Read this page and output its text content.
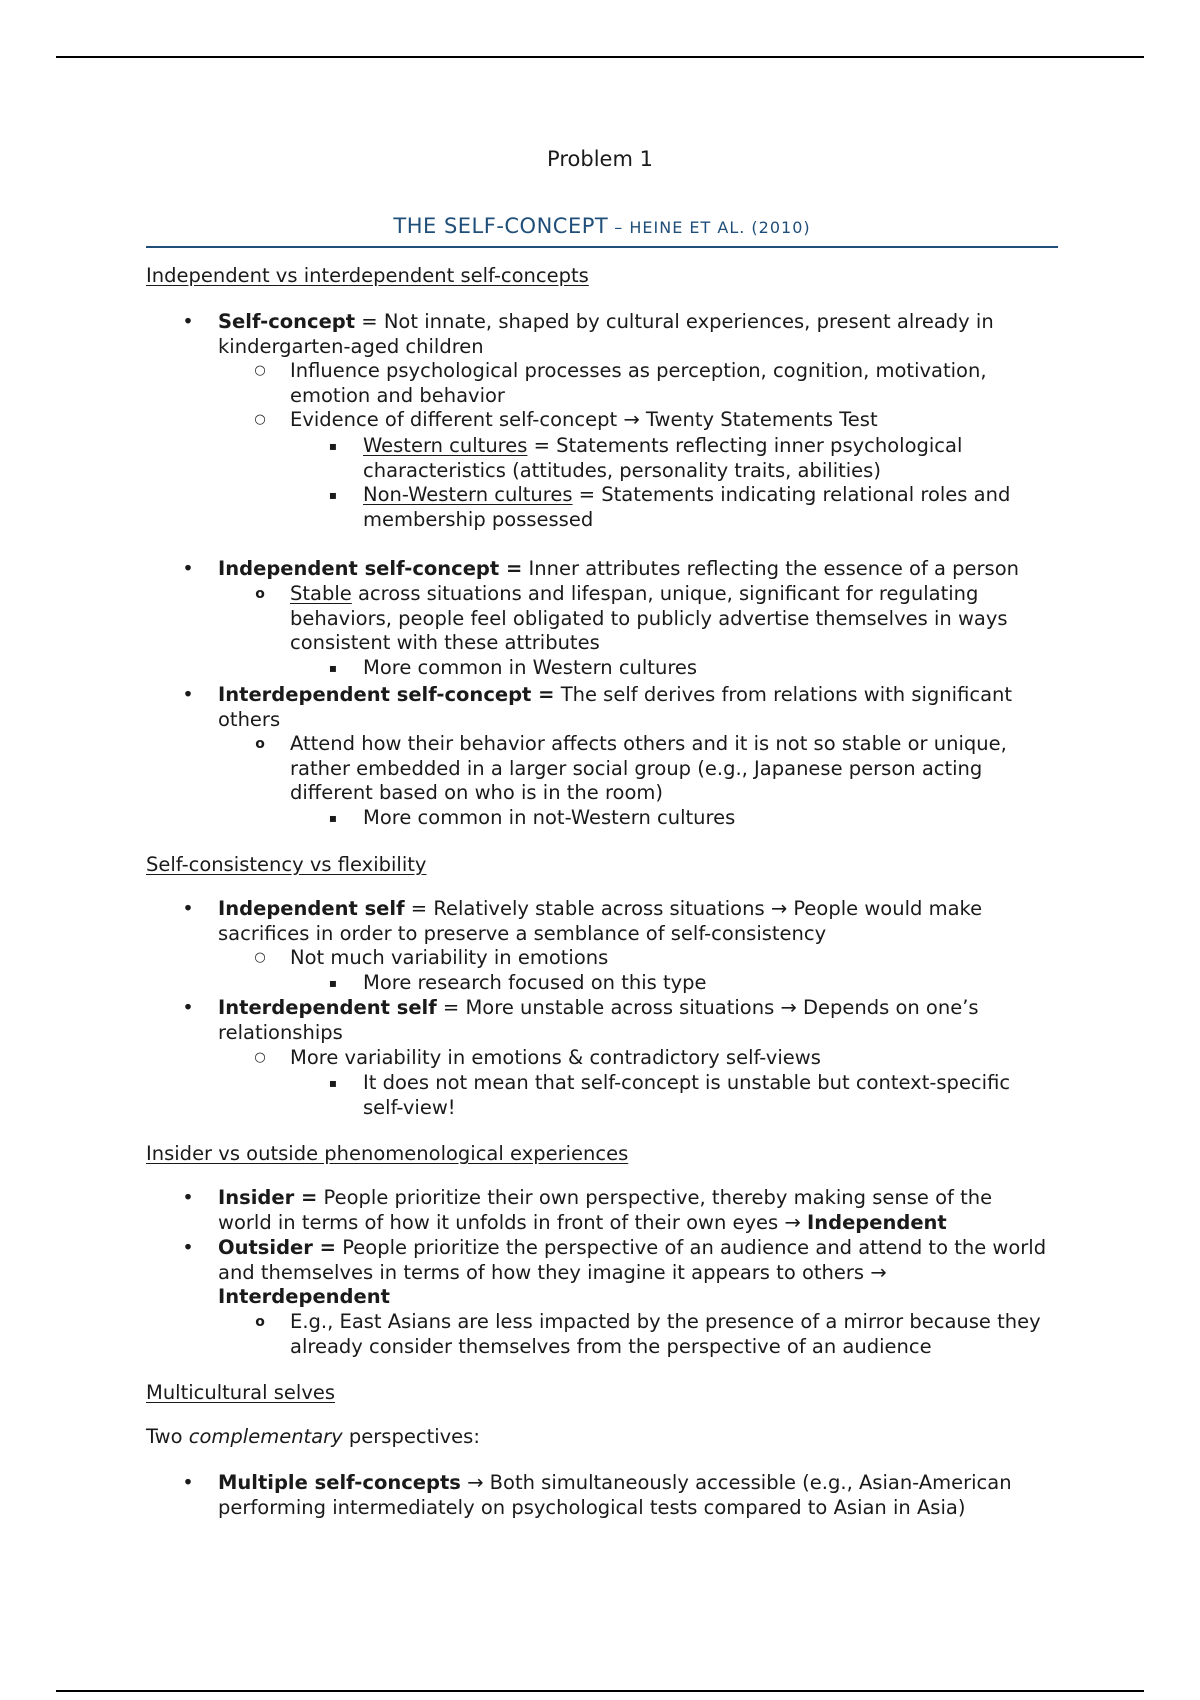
Problem 1
THE SELF-CONCEPT – HEINE ET AL. (2010)
Independent vs interdependent self-concepts
• Self-concept = Not innate, shaped by cultural experiences, present already in kindergarten-aged children
○ Influence psychological processes as perception, cognition, motivation, emotion and behavior
○ Evidence of different self-concept → Twenty Statements Test
▪	Western cultures = Statements reflecting inner psychological characteristics (attitudes, personality traits, abilities)
▪	Non-Western cultures = Statements indicating relational roles and membership possessed
• Independent self-concept = Inner attributes reflecting the essence of a person
o Stable across situations and lifespan, unique, significant for regulating behaviors, people feel obligated to publicly advertise themselves in ways consistent with these attributes
▪	More common in Western cultures
• Interdependent self-concept = The self derives from relations with significant others
o Attend how their behavior affects others and it is not so stable or unique, rather embedded in a larger social group (e.g., Japanese person acting different based on who is in the room)
▪	More common in not-Western cultures
Self-consistency vs flexibility
• Independent self = Relatively stable across situations → People would make sacrifices in order to preserve a semblance of self-consistency
○ Not much variability in emotions
▪	More research focused on this type
• Interdependent self = More unstable across situations → Depends on one’s relationships
○ More variability in emotions & contradictory self-views
▪	It does not mean that self-concept is unstable but context-specific self-view!
Insider vs outside phenomenological experiences
• Insider = People prioritize their own perspective, thereby making sense of the world in terms of how it unfolds in front of their own eyes → Independent
• Outsider = People prioritize the perspective of an audience and attend to the world and themselves in terms of how they imagine it appears to others →
Interdependent
o E.g., East Asians are less impacted by the presence of a mirror because they already consider themselves from the perspective of an audience
Multicultural selves
Two complementary perspectives:
• Multiple self-concepts → Both simultaneously accessible (e.g., Asian-American performing intermediately on psychological tests compared to Asian in Asia)
